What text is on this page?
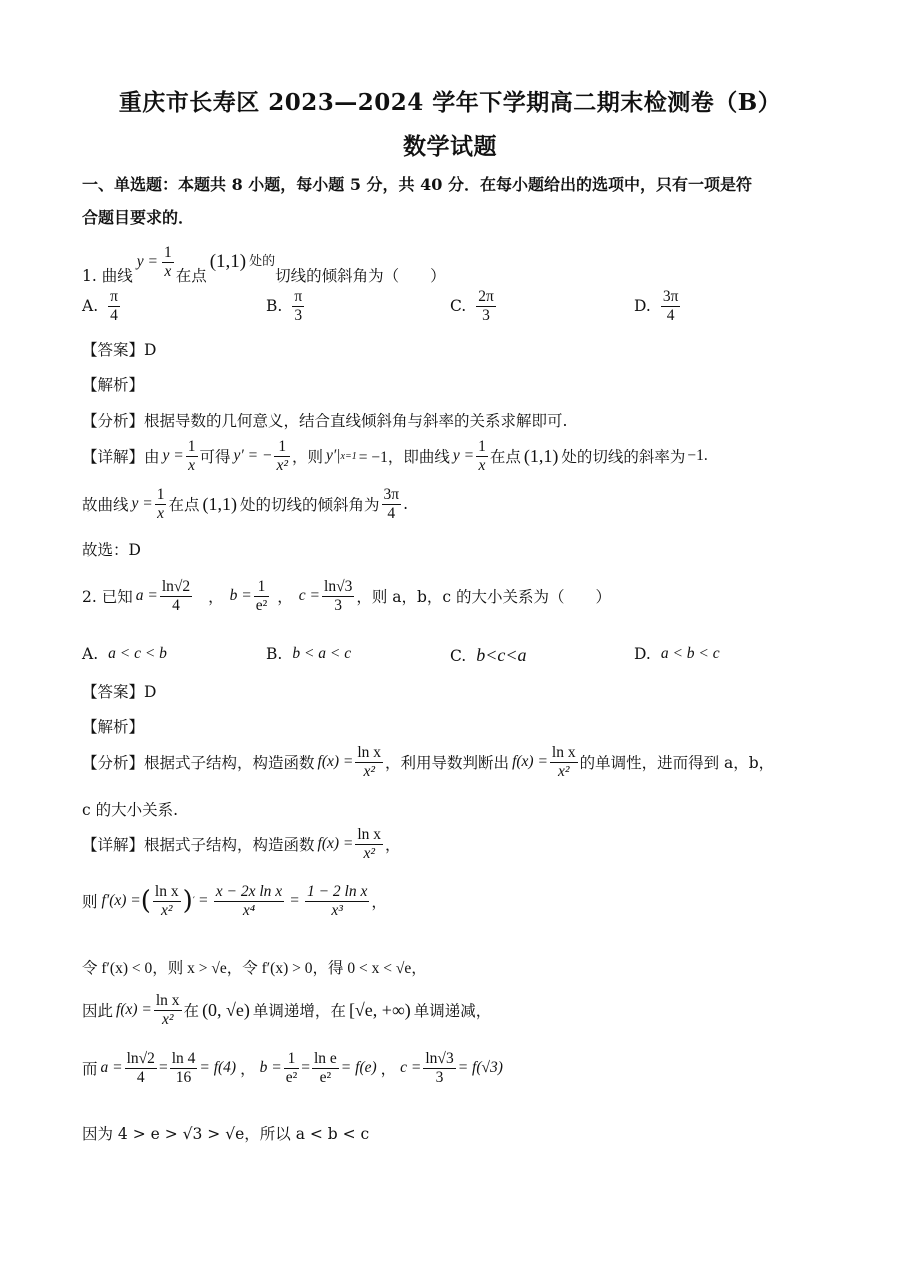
重庆市长寿区 2023—2024 学年下学期高二期末检测卷（B）
数学试题
一、单选题：本题共 8 小题，每小题 5 分，共 40 分．在每小题给出的选项中，只有一项是符
合题目要求的．
1. 曲线
$y = \frac{1}{x}$ 在点
(1,1) 处的
切线的倾斜角为（　　）
A. $\frac{\pi}{4}$	B. $\frac{\pi}{3}$	C. $\frac{2\pi}{3}$	D. $\frac{3\pi}{4}$
【答案】D
【解析】
【分析】根据导数的几何意义，结合直线倾斜角与斜率的关系求解即可.
【详解】 由 $y = \frac{1}{x}$ 可得 y′ = − $\frac{1}{\text{x²}}$ ，则 y′| x=1 = −1，即曲线 $y = \frac{1}{x}$ 在点 (1,1) 处的切线的斜率为 −1.
故曲线 $y = \frac{1}{x}$ 在点 (1,1) 处的切线的倾斜角为 $\frac{3\pi}{4}$ .
故选：D
2. 已知 $a = \frac{\ln√2}{4}$ ， $b = \frac{1}{\text{e²}}$ ， $c = \frac{\ln√3}{3}$ ，则 a，b，c 的大小关系为（　　）
A. a < c < b	B. b < a < c	C. b<c<a	D. a < b < c
【答案】D
【解析】
【分析】根据式子结构，构造函数 $f(x) = \frac{\text{ln x}}{\text{x²}}$ ，利用导数判断出 $f(x) = \frac{\text{ln x}}{\text{x²}}$ 的单调性，进而得到 a，b，
c 的大小关系.
【详解】根据式子结构，构造函数 $f(x) = \frac{\text{ln x}}{\text{x²}}$ ，
则 f′(x) = ( $\frac{\text{ln x}}{\text{x²}}$ ) ′ = $\frac{\text{x − 2x ln x}}{\text{x⁴}} = \frac{\text{1 − 2 ln x}}{\text{x³}}$ ，
令 f′(x) < 0，则 x > √e，令 f′(x) > 0，得 0 < x < √e，
因此 $f(x) = \frac{\text{ln x}}{\text{x²}}$ 在 (0, √e) 单调递增，在 [√e, +∞) 单调递减，
而 $a = \frac{\ln√2}{4} = \frac{\ln 4}{16} = f(4)$ ， $b = \frac{1}{\text{e²}} = \frac{\text{ln e}}{\text{e²}} = f(e)$ ， $c = \frac{\ln√3}{3} = f(√3)$
因为 4 > e > √3 > √e，所以 a < b < c
